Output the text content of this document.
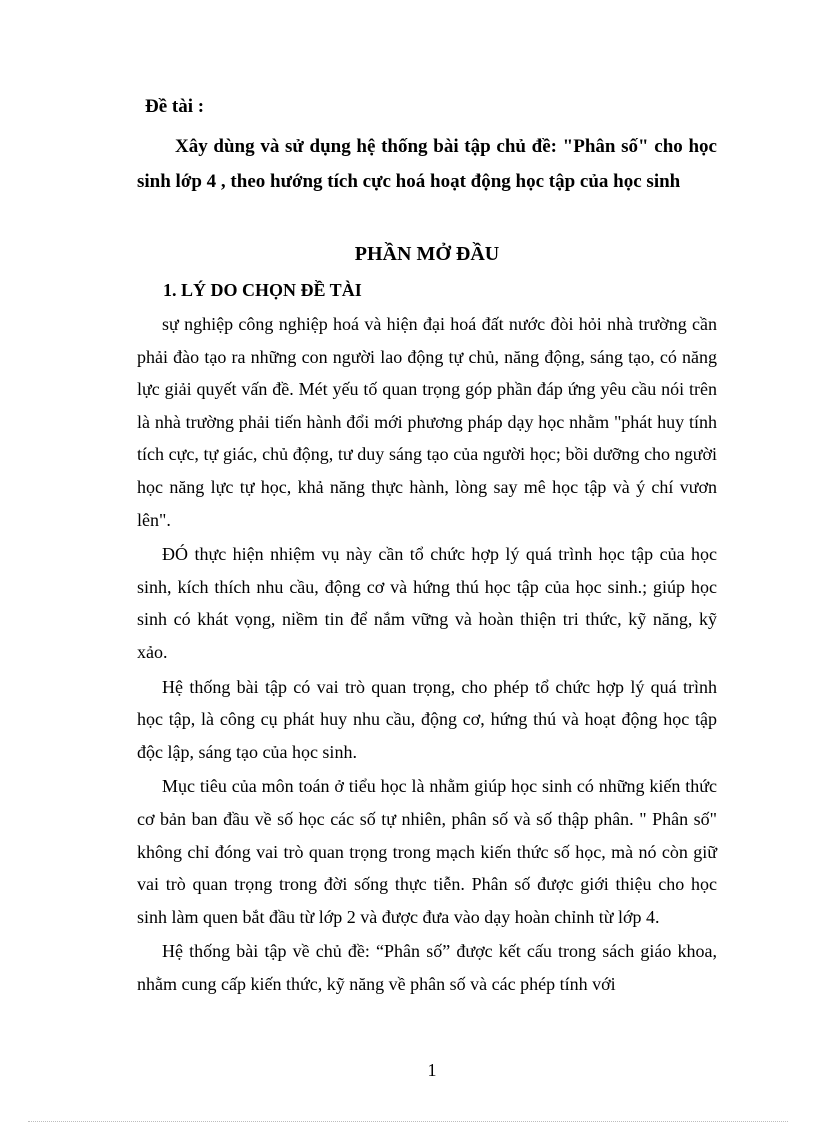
Đề tài :
Xây dùng và sử dụng hệ thống bài tập chủ đề: "Phân số" cho học sinh lớp 4 , theo hướng tích cực hoá hoạt động học tập của học sinh
PHẦN MỞ ĐẦU
1. LÝ DO CHỌN ĐỀ TÀI

sự nghiệp công nghiệp hoá và hiện đại hoá đất nước đòi hỏi nhà trường cần phải đào tạo ra những con người lao động tự chủ, năng động, sáng tạo, có năng lực giải quyết vấn đề. Mét yếu tố quan trọng góp phần đáp ứng yêu cầu nói trên là nhà trường phải tiến hành đổi mới phương pháp dạy học nhằm "phát huy tính tích cực, tự giác, chủ động, tư duy sáng tạo của người học; bồi dưỡng cho người học năng lực tự học, khả năng thực hành, lòng say mê học tập và ý chí vươn lên".

ĐÓ thực hiện nhiệm vụ này cần tổ chức hợp lý quá trình học tập của học sinh, kích thích nhu cầu, động cơ và hứng thú học tập của học sinh.; giúp học sinh có khát vọng, niềm tin để nắm vững và hoàn thiện tri thức, kỹ năng, kỹ xảo.

Hệ thống bài tập có vai trò quan trọng, cho phép tổ chức hợp lý quá trình học tập, là công cụ phát huy nhu cầu, động cơ, hứng thú và hoạt động học tập độc lập, sáng tạo của học sinh.

Mục tiêu của môn toán ở tiểu học là nhằm giúp học sinh có những kiến thức cơ bản ban đầu về số học các số tự nhiên, phân số và số thập phân. " Phân số" không chỉ đóng vai trò quan trọng trong mạch kiến thức số học, mà nó còn giữ vai trò quan trọng trong đời sống thực tiễn. Phân số được giới thiệu cho học sinh làm quen bắt đầu từ lớp 2 và được đưa vào dạy hoàn chỉnh từ lớp 4.

Hệ thống bài tập về chủ đề: “Phân số” được kết cấu trong sách giáo khoa, nhằm cung cấp kiến thức, kỹ năng về phân số và các phép tính với

1
